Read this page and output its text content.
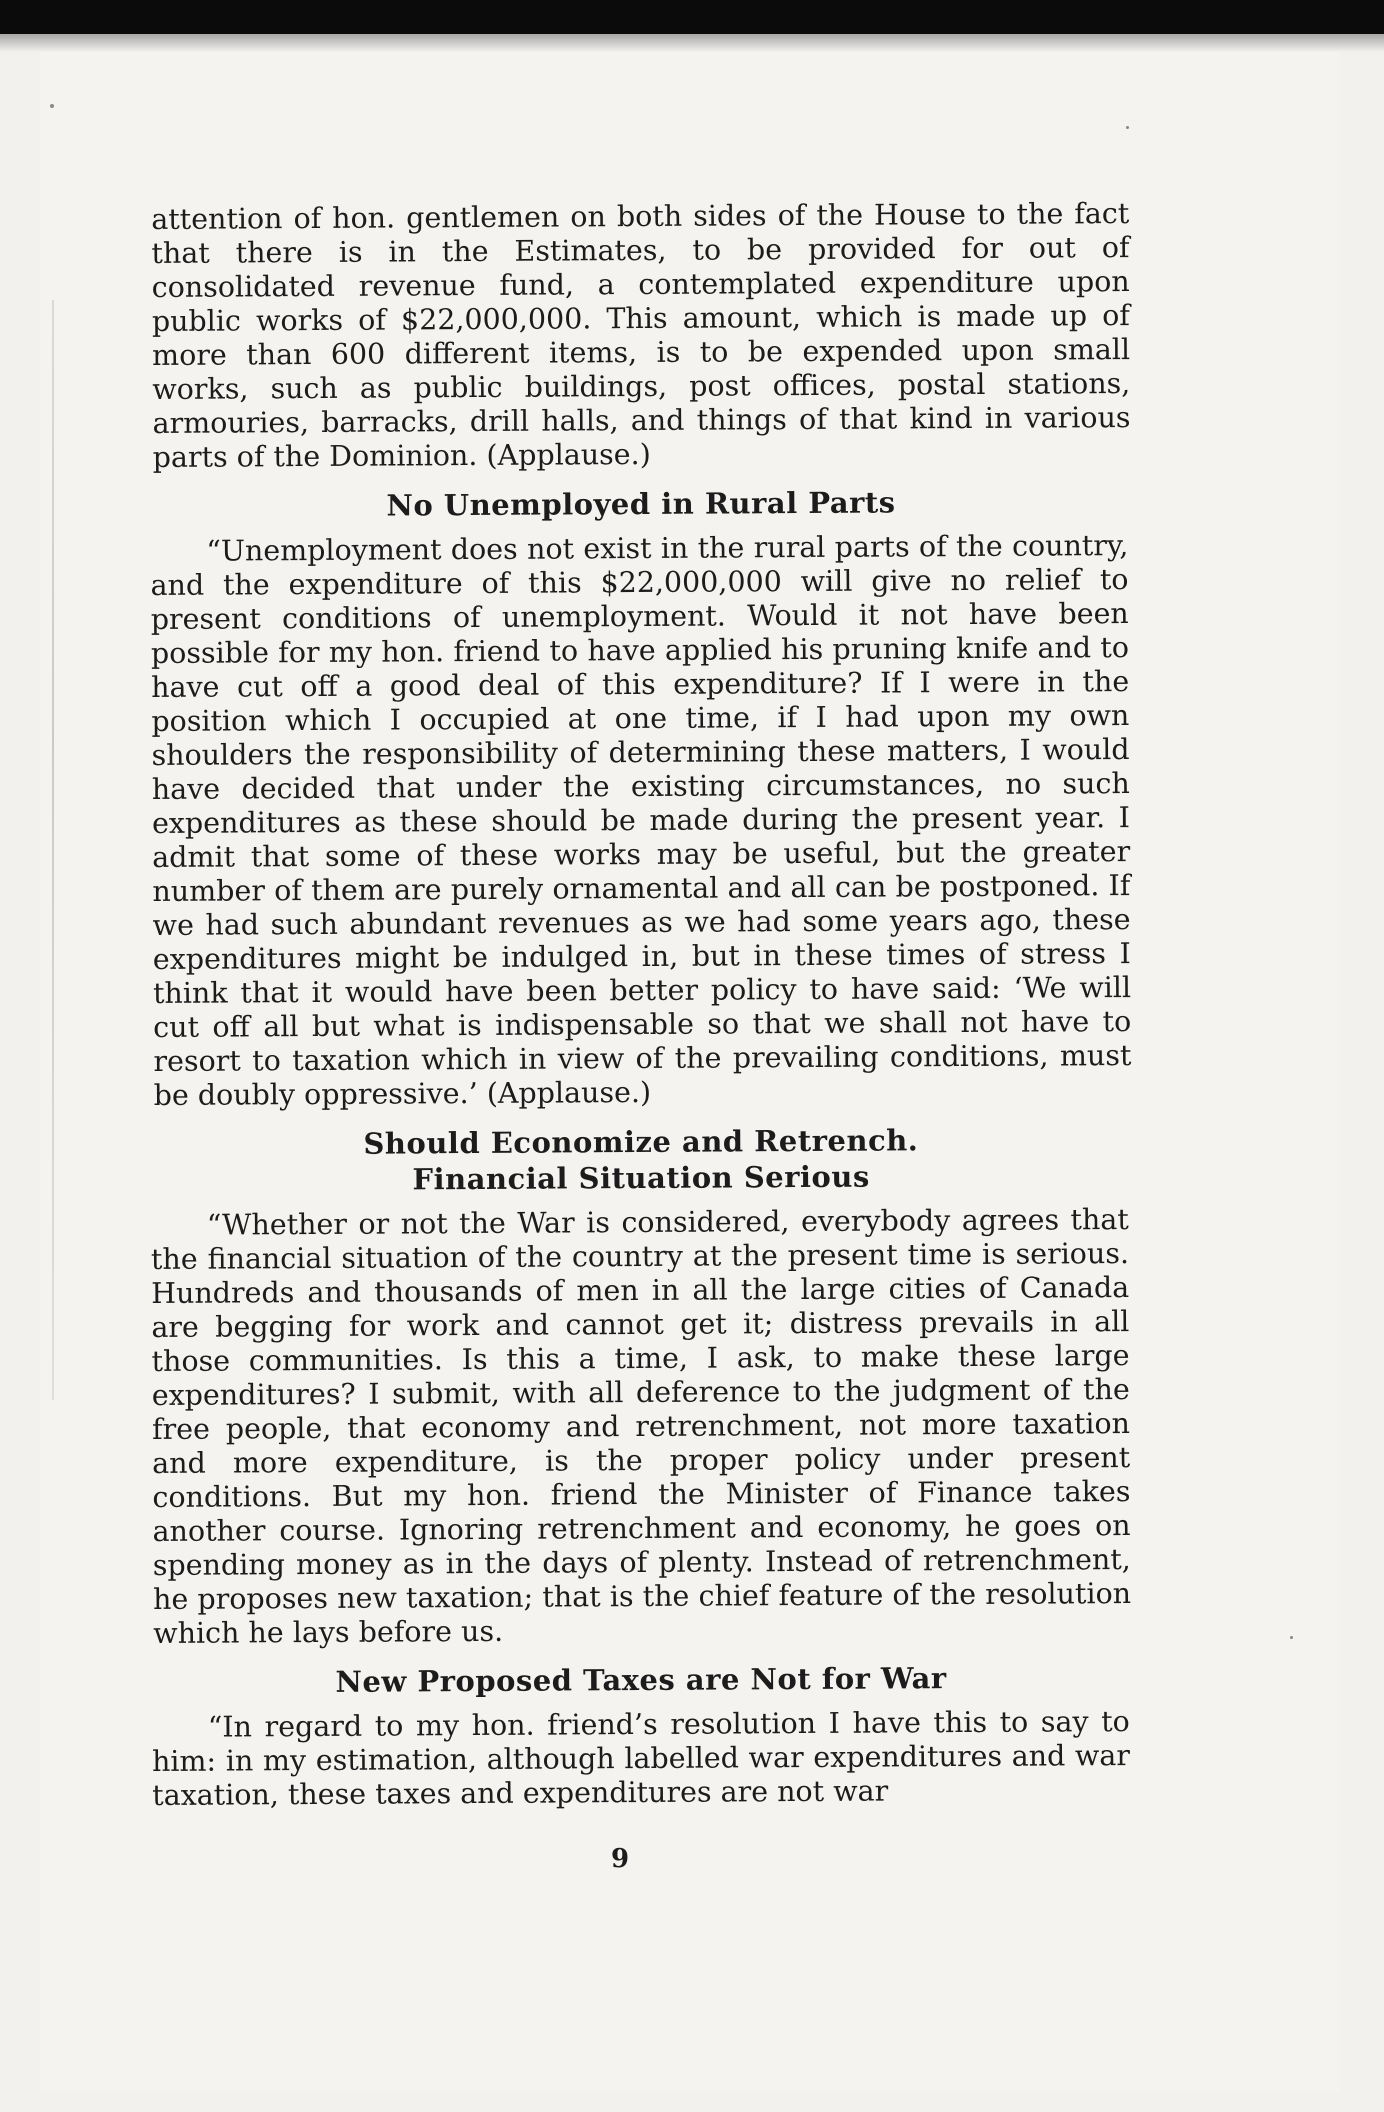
attention of hon. gentlemen on both sides of the House to the fact that there is in the Estimates, to be provided for out of consolidated revenue fund, a contemplated expenditure upon public works of $22,000,000. This amount, which is made up of more than 600 different items, is to be expended upon small works, such as public buildings, post offices, postal stations, armouries, barracks, drill halls, and things of that kind in various parts of the Dominion. (Applause.)

No Unemployed in Rural Parts

“Unemployment does not exist in the rural parts of the country, and the expenditure of this $22,000,000 will give no relief to present conditions of unemployment. Would it not have been possible for my hon. friend to have applied his pruning knife and to have cut off a good deal of this expenditure? If I were in the position which I occupied at one time, if I had upon my own shoulders the responsibility of determining these matters, I would have decided that under the existing circumstances, no such expenditures as these should be made during the present year. I admit that some of these works may be useful, but the greater number of them are purely ornamental and all can be postponed. If we had such abundant revenues as we had some years ago, these expenditures might be indulged in, but in these times of stress I think that it would have been better policy to have said: ‘We will cut off all but what is indispensable so that we shall not have to resort to taxation which in view of the prevailing conditions, must be doubly oppressive.’ (Applause.)

Should Economize and Retrench.
Financial Situation Serious

“Whether or not the War is considered, everybody agrees that the financial situation of the country at the present time is serious. Hundreds and thousands of men in all the large cities of Canada are begging for work and cannot get it; distress prevails in all those communities. Is this a time, I ask, to make these large expenditures? I submit, with all deference to the judgment of the free people, that economy and retrenchment, not more taxation and more expenditure, is the proper policy under present conditions. But my hon. friend the Minister of Finance takes another course. Ignoring retrenchment and economy, he goes on spending money as in the days of plenty. Instead of retrenchment, he proposes new taxation; that is the chief feature of the resolution which he lays before us.

New Proposed Taxes are Not for War

“In regard to my hon. friend’s resolution I have this to say to him: in my estimation, although labelled war expenditures and war taxation, these taxes and expenditures are not war

9
